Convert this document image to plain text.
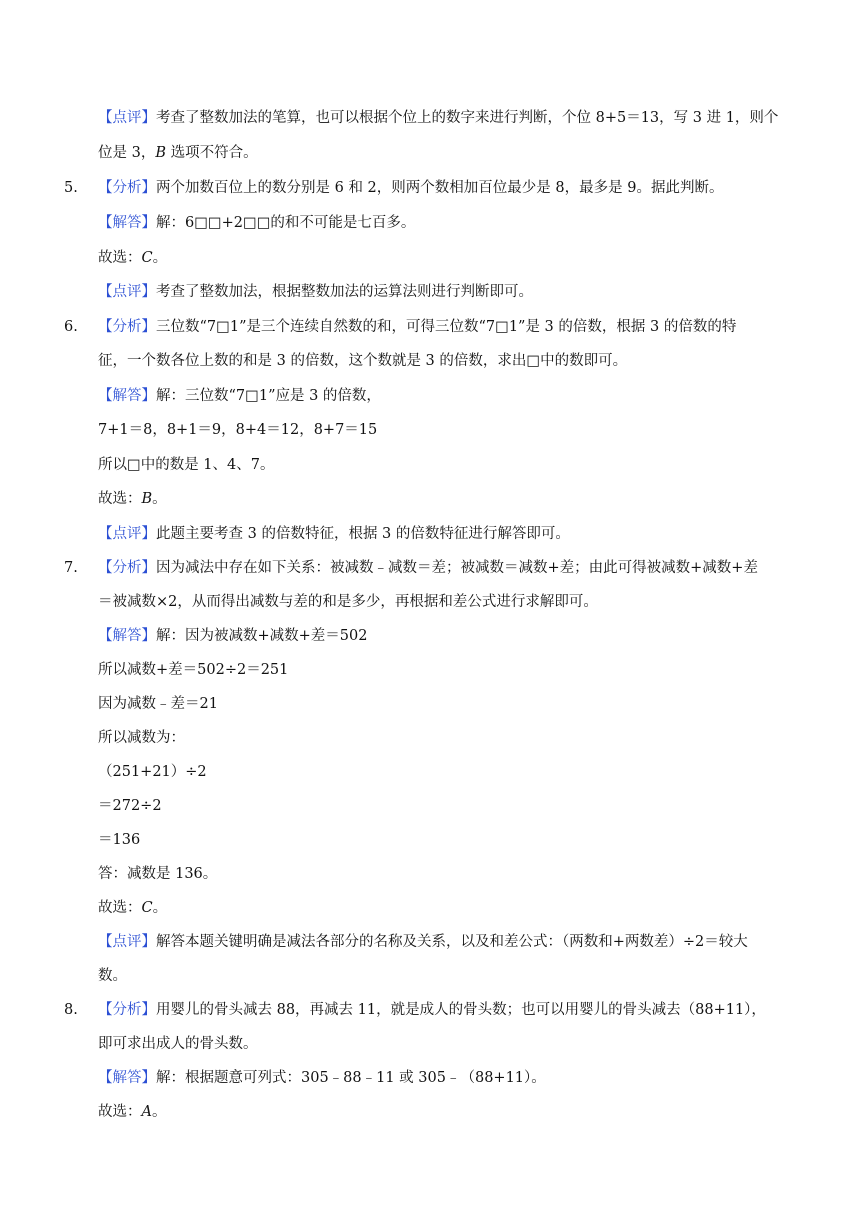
【点评】考查了整数加法的笔算，也可以根据个位上的数字来进行判断，个位 8+5＝13，写 3 进 1，则个
位是 3，B 选项不符合。
5. 【分析】两个加数百位上的数分别是 6 和 2，则两个数相加百位最少是 8，最多是 9。据此判断。
【解答】解：6□□+2□□的和不可能是七百多。
故选：C。
【点评】考查了整数加法，根据整数加法的运算法则进行判断即可。
6. 【分析】三位数“7□1”是三个连续自然数的和，可得三位数“7□1”是 3 的倍数，根据 3 的倍数的特
征，一个数各位上数的和是 3 的倍数，这个数就是 3 的倍数，求出□中的数即可。
【解答】解：三位数“7□1”应是 3 的倍数，
7+1＝8，8+1＝9，8+4＝12，8+7＝15
所以□中的数是 1、4、7。
故选：B。
【点评】此题主要考查 3 的倍数特征，根据 3 的倍数特征进行解答即可。
7. 【分析】因为减法中存在如下关系：被减数﹣减数＝差；被减数＝减数+差；由此可得被减数+减数+差
＝被减数×2，从而得出减数与差的和是多少，再根据和差公式进行求解即可。
【解答】解：因为被减数+减数+差＝502
所以减数+差＝502÷2＝251
因为减数﹣差＝21
所以减数为：
（251+21）÷2
＝272÷2
＝136
答：减数是 136。
故选：C。
【点评】解答本题关键明确是减法各部分的名称及关系，以及和差公式：（两数和+两数差）÷2＝较大
数。
8. 【分析】用婴儿的骨头减去 88，再减去 11，就是成人的骨头数；也可以用婴儿的骨头减去（88+11），
即可求出成人的骨头数。
【解答】解：根据题意可列式：305﹣88﹣11 或 305﹣（88+11）。
故选：A。
